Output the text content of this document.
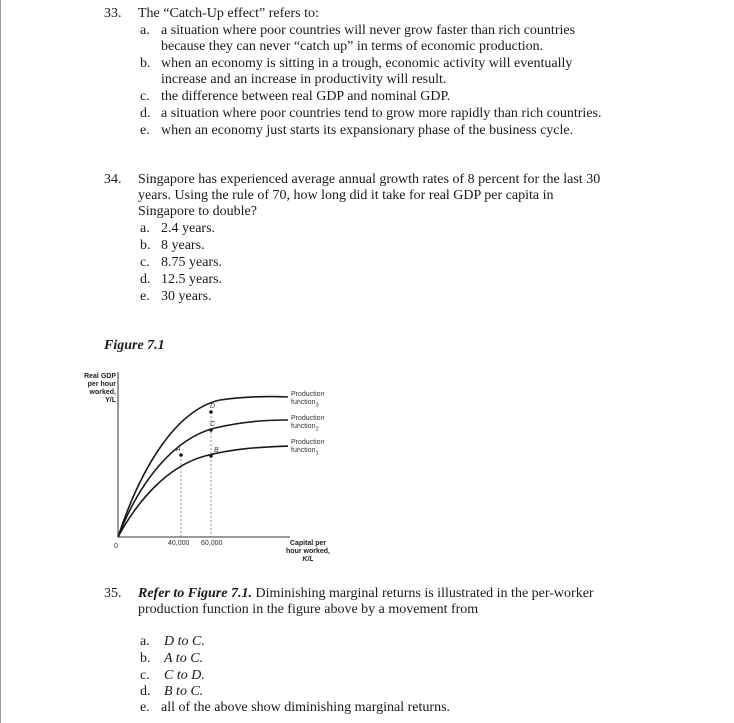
33. The “Catch-Up effect” refers to:
a. a situation where poor countries will never grow faster than rich countries
because they can never “catch up” in terms of economic production.
b. when an economy is sitting in a trough, economic activity will eventually
increase and an increase in productivity will result.
c. the difference between real GDP and nominal GDP.
d. a situation where poor countries tend to grow more rapidly than rich countries.
e. when an economy just starts its expansionary phase of the business cycle.
34. Singapore has experienced average annual growth rates of 8 percent for the last 30
years. Using the rule of 70, how long did it take for real GDP per capita in
Singapore to double?
a. 2.4 years.
b. 8 years.
c. 8.75 years.
d. 12.5 years.
e. 30 years.
Figure 7.1
Real GDP
per hour
worked,
Y/L
0	40,000 60,000
A	B
C
D
Production
function$_3$
Production
function$_2$
Production
function$_1$
Capital per
hour worked,
K/L
35. Refer to Figure 7.1. Diminishing marginal returns is illustrated in the per-worker
production function in the figure above by a movement from
a. D to C.
b. A to C.
c. C to D.
d. B to C.
e. all of the above show diminishing marginal returns.
